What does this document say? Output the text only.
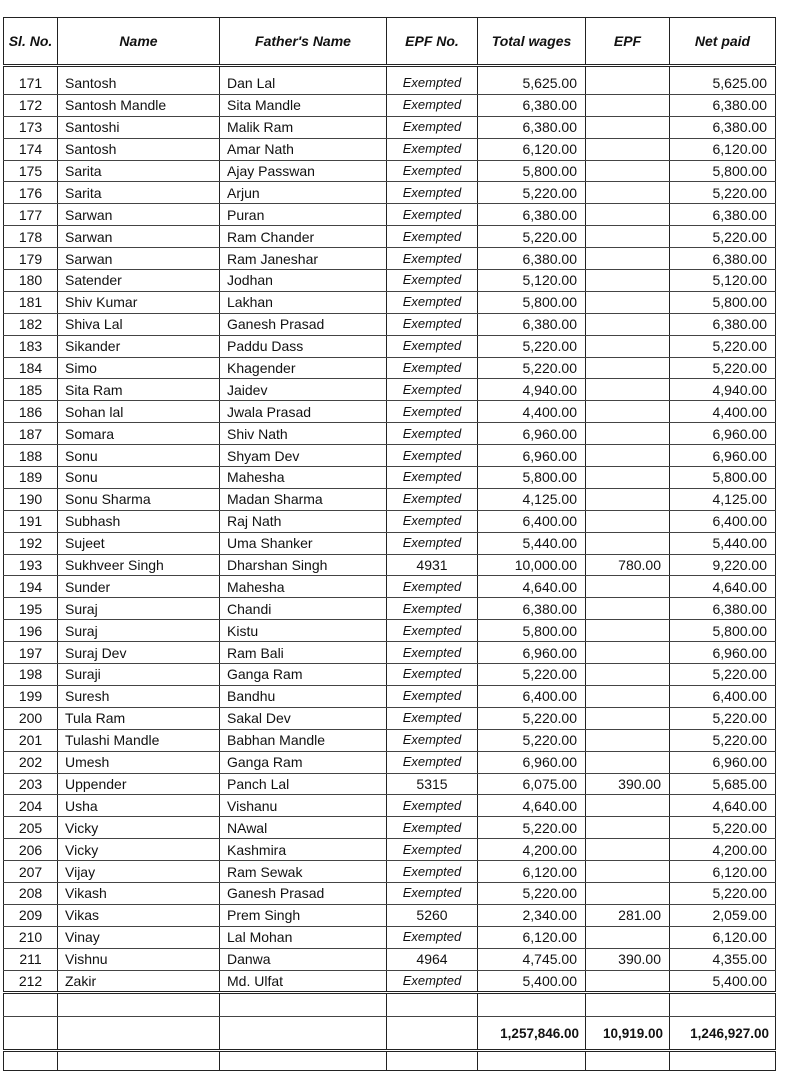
Sl. No.	Name	Father's Name	EPF No.	Total wages	EPF	Net paid
171	Santosh	Dan Lal	Exempted	5,625.00		5,625.00
172	Santosh Mandle	Sita Mandle	Exempted	6,380.00		6,380.00
173	Santoshi	Malik Ram	Exempted	6,380.00		6,380.00
174	Santosh	Amar Nath	Exempted	6,120.00		6,120.00
175	Sarita	Ajay Passwan	Exempted	5,800.00		5,800.00
176	Sarita	Arjun	Exempted	5,220.00		5,220.00
177	Sarwan	Puran	Exempted	6,380.00		6,380.00
178	Sarwan	Ram Chander	Exempted	5,220.00		5,220.00
179	Sarwan	Ram Janeshar	Exempted	6,380.00		6,380.00
180	Satender	Jodhan	Exempted	5,120.00		5,120.00
181	Shiv Kumar	Lakhan	Exempted	5,800.00		5,800.00
182	Shiva Lal	Ganesh Prasad	Exempted	6,380.00		6,380.00
183	Sikander	Paddu Dass	Exempted	5,220.00		5,220.00
184	Simo	Khagender	Exempted	5,220.00		5,220.00
185	Sita Ram	Jaidev	Exempted	4,940.00		4,940.00
186	Sohan lal	Jwala Prasad	Exempted	4,400.00		4,400.00
187	Somara	Shiv Nath	Exempted	6,960.00		6,960.00
188	Sonu	Shyam Dev	Exempted	6,960.00		6,960.00
189	Sonu	Mahesha	Exempted	5,800.00		5,800.00
190	Sonu Sharma	Madan Sharma	Exempted	4,125.00		4,125.00
191	Subhash	Raj Nath	Exempted	6,400.00		6,400.00
192	Sujeet	Uma Shanker	Exempted	5,440.00		5,440.00
193	Sukhveer Singh	Dharshan Singh	4931	10,000.00	780.00	9,220.00
194	Sunder	Mahesha	Exempted	4,640.00		4,640.00
195	Suraj	Chandi	Exempted	6,380.00		6,380.00
196	Suraj	Kistu	Exempted	5,800.00		5,800.00
197	Suraj Dev	Ram Bali	Exempted	6,960.00		6,960.00
198	Suraji	Ganga Ram	Exempted	5,220.00		5,220.00
199	Suresh	Bandhu	Exempted	6,400.00		6,400.00
200	Tula Ram	Sakal Dev	Exempted	5,220.00		5,220.00
201	Tulashi Mandle	Babhan Mandle	Exempted	5,220.00		5,220.00
202	Umesh	Ganga Ram	Exempted	6,960.00		6,960.00
203	Uppender	Panch Lal	5315	6,075.00	390.00	5,685.00
204	Usha	Vishanu	Exempted	4,640.00		4,640.00
205	Vicky	NAwal	Exempted	5,220.00		5,220.00
206	Vicky	Kashmira	Exempted	4,200.00		4,200.00
207	Vijay	Ram Sewak	Exempted	6,120.00		6,120.00
208	Vikash	Ganesh Prasad	Exempted	5,220.00		5,220.00
209	Vikas	Prem Singh	5260	2,340.00	281.00	2,059.00
210	Vinay	Lal Mohan	Exempted	6,120.00		6,120.00
211	Vishnu	Danwa	4964	4,745.00	390.00	4,355.00
212	Zakir	Md. Ulfat	Exempted	5,400.00		5,400.00

				1,257,846.00	10,919.00	1,246,927.00
